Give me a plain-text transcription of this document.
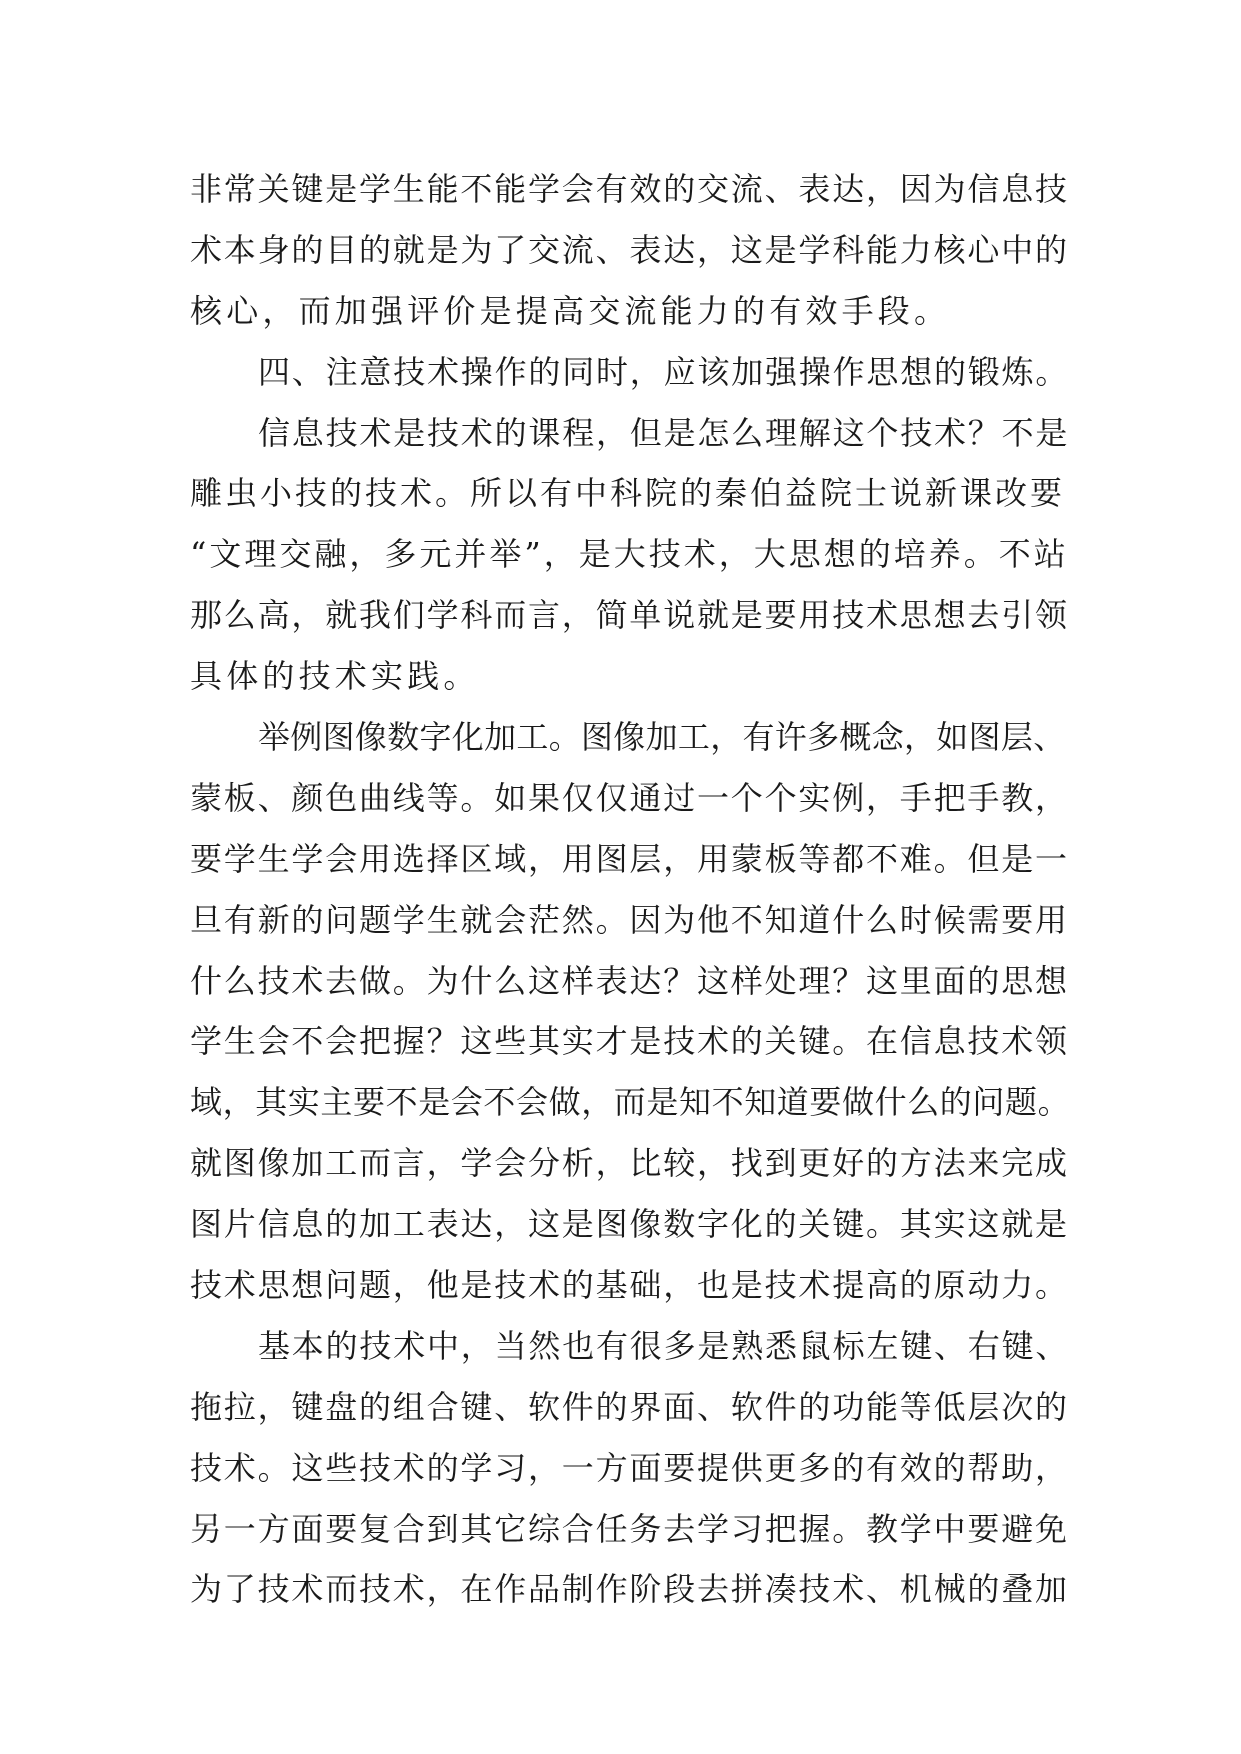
非常关键是学生能不能学会有效的交流、表达，因为信息技
术本身的目的就是为了交流、表达，这是学科能力核心中的
核心，而加强评价是提高交流能力的有效手段。
四、注意技术操作的同时，应该加强操作思想的锻炼。
信息技术是技术的课程，但是怎么理解这个技术？不是
雕虫小技的技术。所以有中科院的秦伯益院士说新课改要
“文理交融，多元并举”，是大技术，大思想的培养。不站
那么高，就我们学科而言，简单说就是要用技术思想去引领
具体的技术实践。
举例图像数字化加工。图像加工，有许多概念，如图层、
蒙板、颜色曲线等。如果仅仅通过一个个实例，手把手教，
要学生学会用选择区域，用图层，用蒙板等都不难。但是一
旦有新的问题学生就会茫然。因为他不知道什么时候需要用
什么技术去做。为什么这样表达？这样处理？这里面的思想
学生会不会把握？这些其实才是技术的关键。在信息技术领
域，其实主要不是会不会做，而是知不知道要做什么的问题。
就图像加工而言，学会分析，比较，找到更好的方法来完成
图片信息的加工表达，这是图像数字化的关键。其实这就是
技术思想问题，他是技术的基础，也是技术提高的原动力。
基本的技术中，当然也有很多是熟悉鼠标左键、右键、
拖拉，键盘的组合键、软件的界面、软件的功能等低层次的
技术。这些技术的学习，一方面要提供更多的有效的帮助，
另一方面要复合到其它综合任务去学习把握。教学中要避免
为了技术而技术，在作品制作阶段去拼凑技术、机械的叠加
